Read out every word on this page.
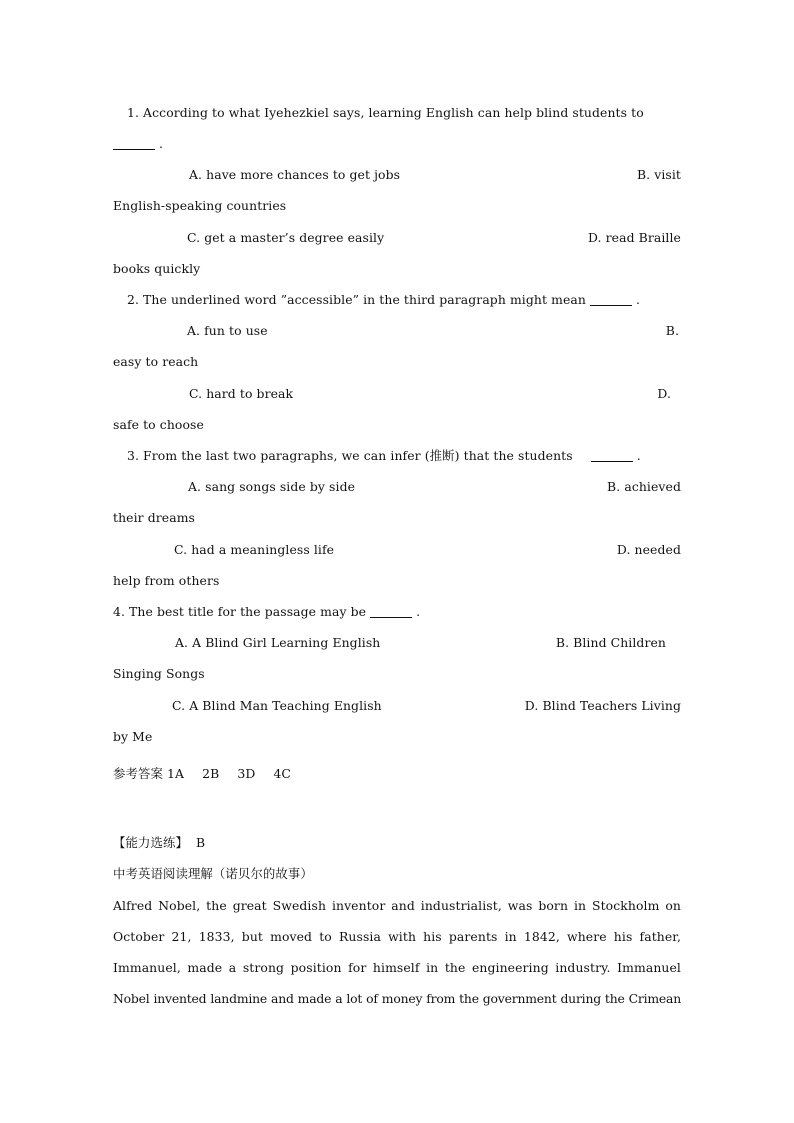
1. According to what Iyehezkiel says, learning English can help blind students to
.
A. have more chances to get jobs	B. visit
English-speaking countries
C. get a master’s degree easily	D. read Braille
books quickly
2. The underlined word ”accessible” in the third paragraph might mean	.
A. fun to use	B.
easy to reach
C. hard to break	D.
safe to choose
3. From the last two paragraphs, we can infer (推断) that the students	.
A. sang songs side by side	B. achieved
their dreams
C. had a meaningless life	D. needed
help from others
4. The best title for the passage may be	.
A. A Blind Girl Learning English	B. Blind Children
Singing Songs
C. A Blind Man Teaching English	D. Blind Teachers Living
by Me
参考答案 1A 2B 3D 4C
【能力选练】 B
中考英语阅读理解（诺贝尔的故事）
Alfred Nobel, the great Swedish inventor and industrialist, was born in Stockholm on
October 21, 1833, but moved to Russia with his parents in 1842, where his father,
Immanuel, made a strong position for himself in the engineering industry. Immanuel
Nobel invented landmine and made a lot of money from the government during the Crimean
